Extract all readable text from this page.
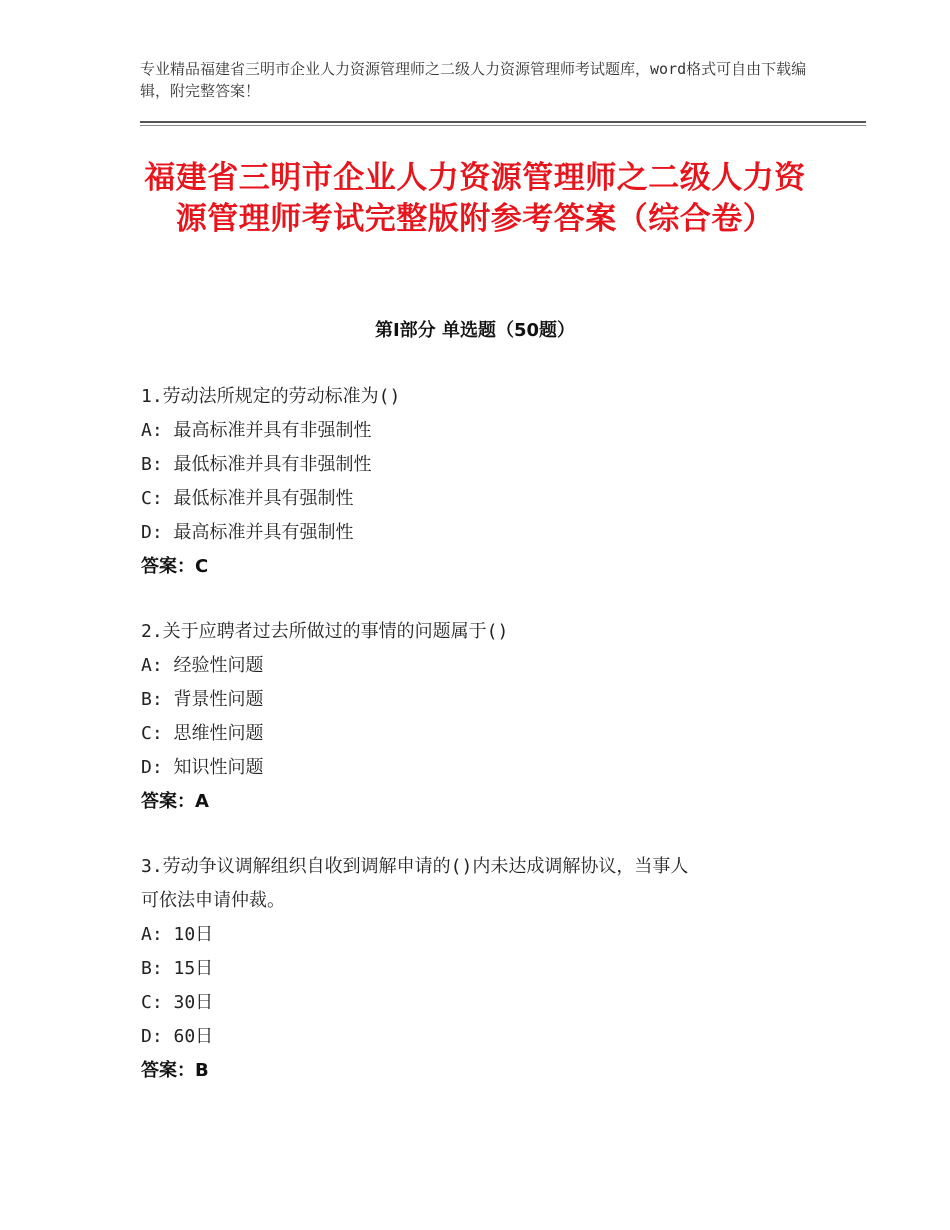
专业精品福建省三明市企业人力资源管理师之二级人力资源管理师考试题库，word格式可自由下载编辑，附完整答案！
福建省三明市企业人力资源管理师之二级人力资源管理师考试完整版附参考答案（综合卷）
第Ⅰ部分 单选题（50题）
1.劳动法所规定的劳动标准为()
A: 最高标准并具有非强制性
B: 最低标准并具有非强制性
C: 最低标准并具有强制性
D: 最高标准并具有强制性
答案：C
2.关于应聘者过去所做过的事情的问题属于()
A: 经验性问题
B: 背景性问题
C: 思维性问题
D: 知识性问题
答案：A
3.劳动争议调解组织自收到调解申请的()内未达成调解协议，当事人
可依法申请仲裁。
A: 10日
B: 15日
C: 30日
D: 60日
答案：B
